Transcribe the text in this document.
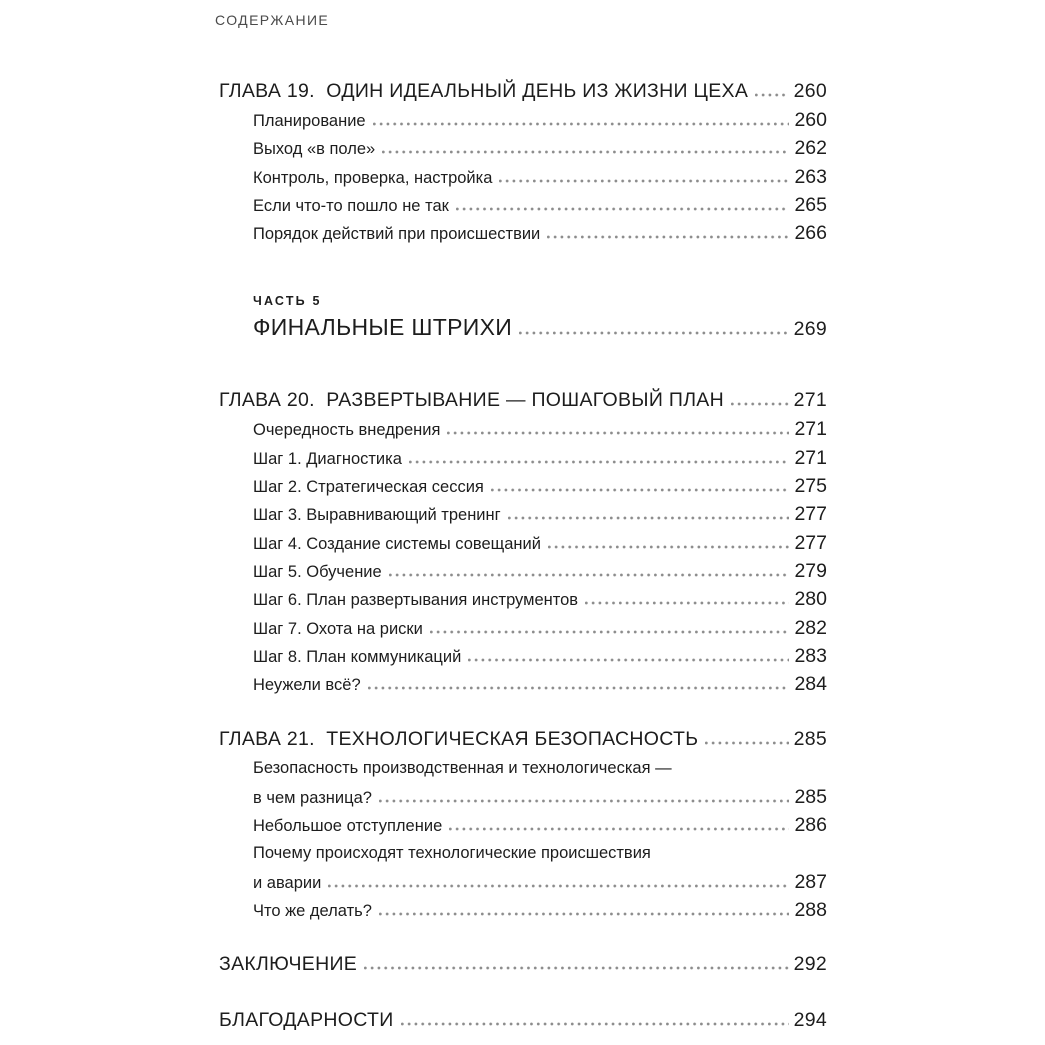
СОДЕРЖАНИЕ
ГЛАВА 19.  ОДИН ИДЕАЛЬНЫЙ ДЕНЬ ИЗ ЖИЗНИ ЦЕХА 260
Планирование	260
Выход «в поле»	262
Контроль, проверка, настройка	263
Если что-то пошло не так	265
Порядок действий при происшествии	266
ЧАСТЬ 5
ФИНАЛЬНЫЕ ШТРИХИ	269
ГЛАВА 20.  РАЗВЕРТЫВАНИЕ — ПОШАГОВЫЙ ПЛАН	271
Очередность внедрения	271
Шаг 1. Диагностика	271
Шаг 2. Стратегическая сессия	275
Шаг 3. Выравнивающий тренинг	277
Шаг 4. Создание системы совещаний	277
Шаг 5. Обучение	279
Шаг 6. План развертывания инструментов	280
Шаг 7. Охота на риски	282
Шаг 8. План коммуникаций	283
Неужели всё?	284
ГЛАВА 21.  ТЕХНОЛОГИЧЕСКАЯ БЕЗОПАСНОСТЬ	285
Безопасность производственная и технологическая —
в чем разница?	285
Небольшое отступление	286
Почему происходят технологические происшествия
и аварии	287
Что же делать?	288
ЗАКЛЮЧЕНИЕ	292
БЛАГОДАРНОСТИ	294
